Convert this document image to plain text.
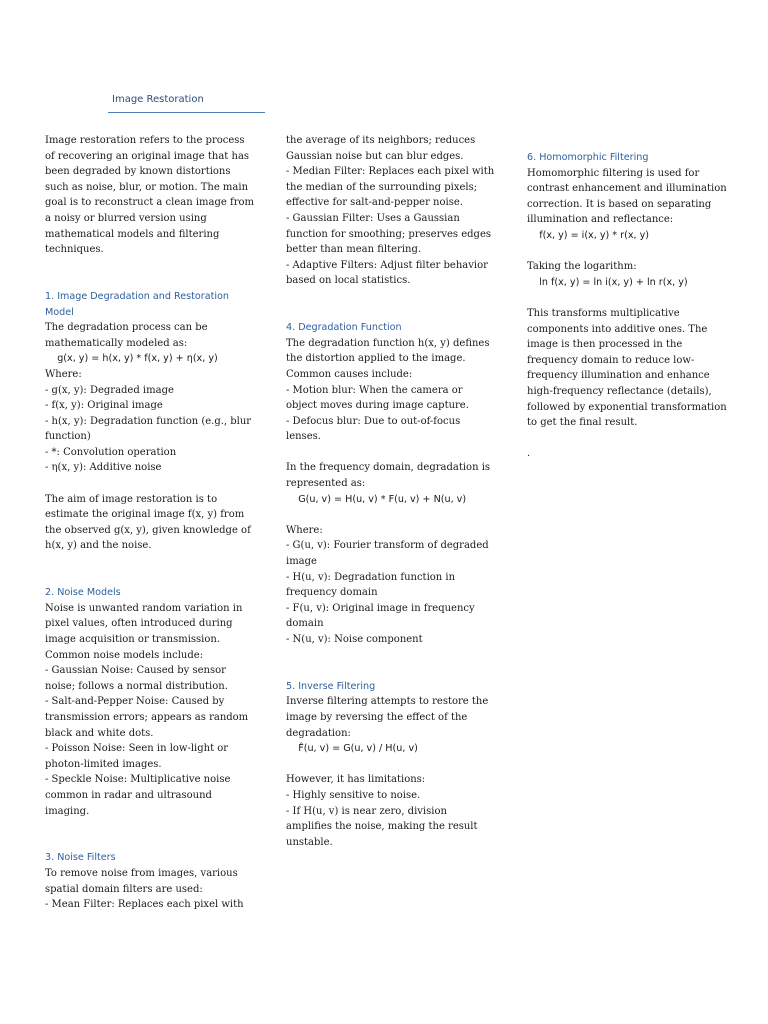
Image Restoration
Image restoration refers to the process
of recovering an original image that has
been degraded by known distortions
such as noise, blur, or motion. The main
goal is to reconstruct a clean image from
a noisy or blurred version using
mathematical models and filtering
techniques.
1. Image Degradation and Restoration
Model
The degradation process can be
mathematically modeled as:
g(x, y) = h(x, y) * f(x, y) + η(x, y)
Where:
- g(x, y): Degraded image
- f(x, y): Original image
- h(x, y): Degradation function (e.g., blur
function)
- *: Convolution operation
- η(x, y): Additive noise
The aim of image restoration is to
estimate the original image f(x, y) from
the observed g(x, y), given knowledge of
h(x, y) and the noise.
2. Noise Models
Noise is unwanted random variation in
pixel values, often introduced during
image acquisition or transmission.
Common noise models include:
- Gaussian Noise: Caused by sensor
noise; follows a normal distribution.
- Salt-and-Pepper Noise: Caused by
transmission errors; appears as random
black and white dots.
- Poisson Noise: Seen in low-light or
photon-limited images.
- Speckle Noise: Multiplicative noise
common in radar and ultrasound
imaging.
3. Noise Filters
To remove noise from images, various
spatial domain filters are used:
- Mean Filter: Replaces each pixel with
the average of its neighbors; reduces
Gaussian noise but can blur edges.
- Median Filter: Replaces each pixel with
the median of the surrounding pixels;
effective for salt-and-pepper noise.
- Gaussian Filter: Uses a Gaussian
function for smoothing; preserves edges
better than mean filtering.
- Adaptive Filters: Adjust filter behavior
based on local statistics.
4. Degradation Function
The degradation function h(x, y) defines
the distortion applied to the image.
Common causes include:
- Motion blur: When the camera or
object moves during image capture.
- Defocus blur: Due to out-of-focus
lenses.
In the frequency domain, degradation is
represented as:
G(u, v) = H(u, v) * F(u, v) + N(u, v)
Where:
- G(u, v): Fourier transform of degraded
image
- H(u, v): Degradation function in
frequency domain
- F(u, v): Original image in frequency
domain
- N(u, v): Noise component
5. Inverse Filtering
Inverse filtering attempts to restore the
image by reversing the effect of the
degradation:
F̂(u, v) = G(u, v) / H(u, v)
However, it has limitations:
- Highly sensitive to noise.
- If H(u, v) is near zero, division
amplifies the noise, making the result
unstable.
6. Homomorphic Filtering
Homomorphic filtering is used for
contrast enhancement and illumination
correction. It is based on separating
illumination and reflectance:
f(x, y) = i(x, y) * r(x, y)
Taking the logarithm:
ln f(x, y) = ln i(x, y) + ln r(x, y)
This transforms multiplicative
components into additive ones. The
image is then processed in the
frequency domain to reduce low-
frequency illumination and enhance
high-frequency reflectance (details),
followed by exponential transformation
to get the final result.
.
